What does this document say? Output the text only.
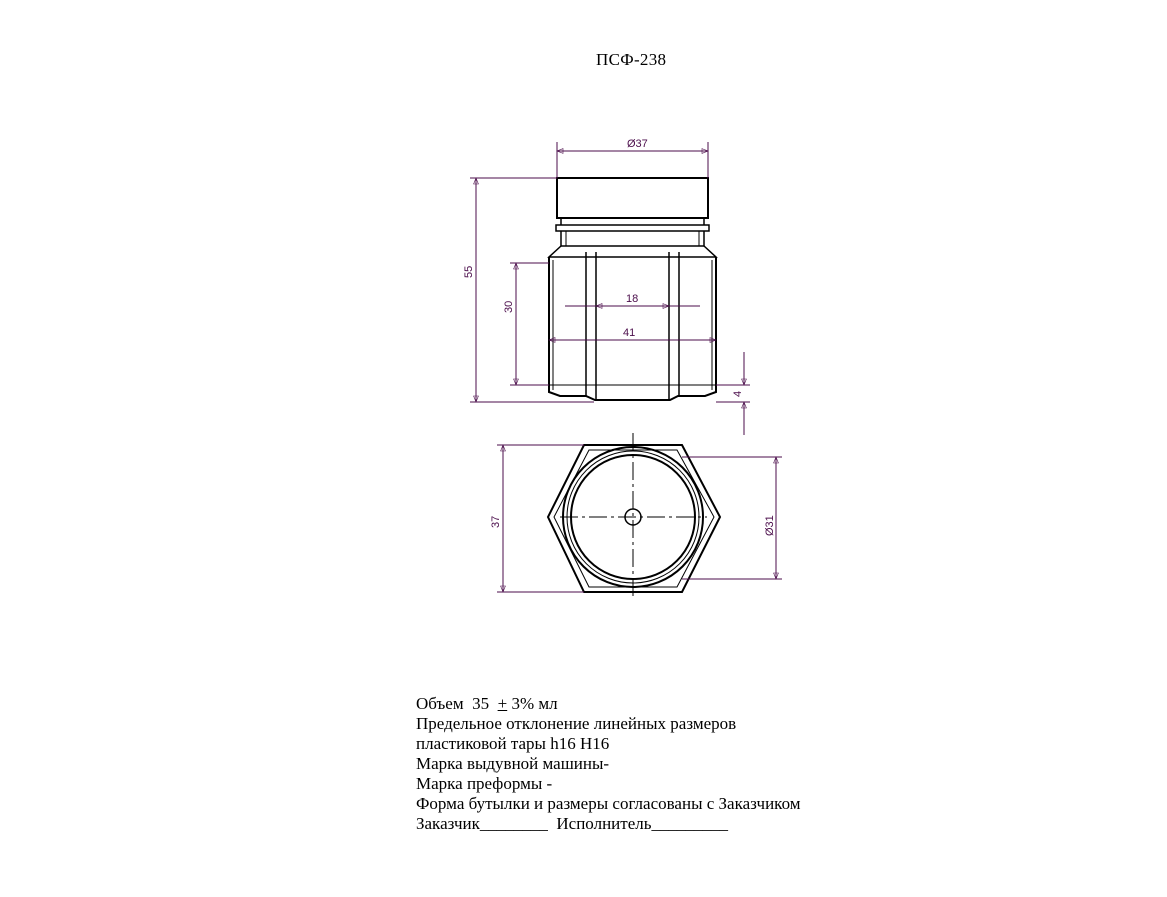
ПСФ-238
Ø37
55
30
18
41
4
37	Ø31
Объем  35  + 3% мл
Предельное отклонение линейных размеров
пластиковой тары h16 H16
Марка выдувной машины-
Марка преформы -
Форма бутылки и размеры согласованы с Заказчиком
Заказчик________  Исполнитель_________
